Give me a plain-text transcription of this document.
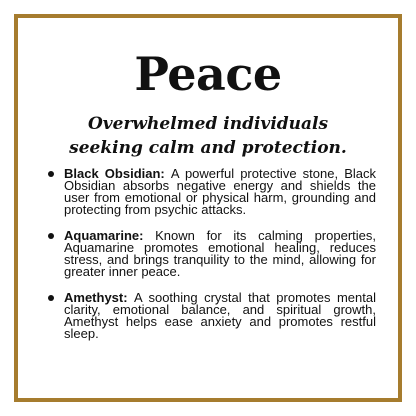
Peace
Overwhelmed individuals seeking calm and protection.
Black Obsidian: A powerful protective stone, Black Obsidian absorbs negative energy and shields the user from emotional or physical harm, grounding and protecting from psychic attacks.
Aquamarine: Known for its calming properties, Aquamarine promotes emotional healing, reduces stress, and brings tranquility to the mind, allowing for greater inner peace.
Amethyst: A soothing crystal that promotes mental clarity, emotional balance, and spiritual growth, Amethyst helps ease anxiety and promotes restful sleep.
